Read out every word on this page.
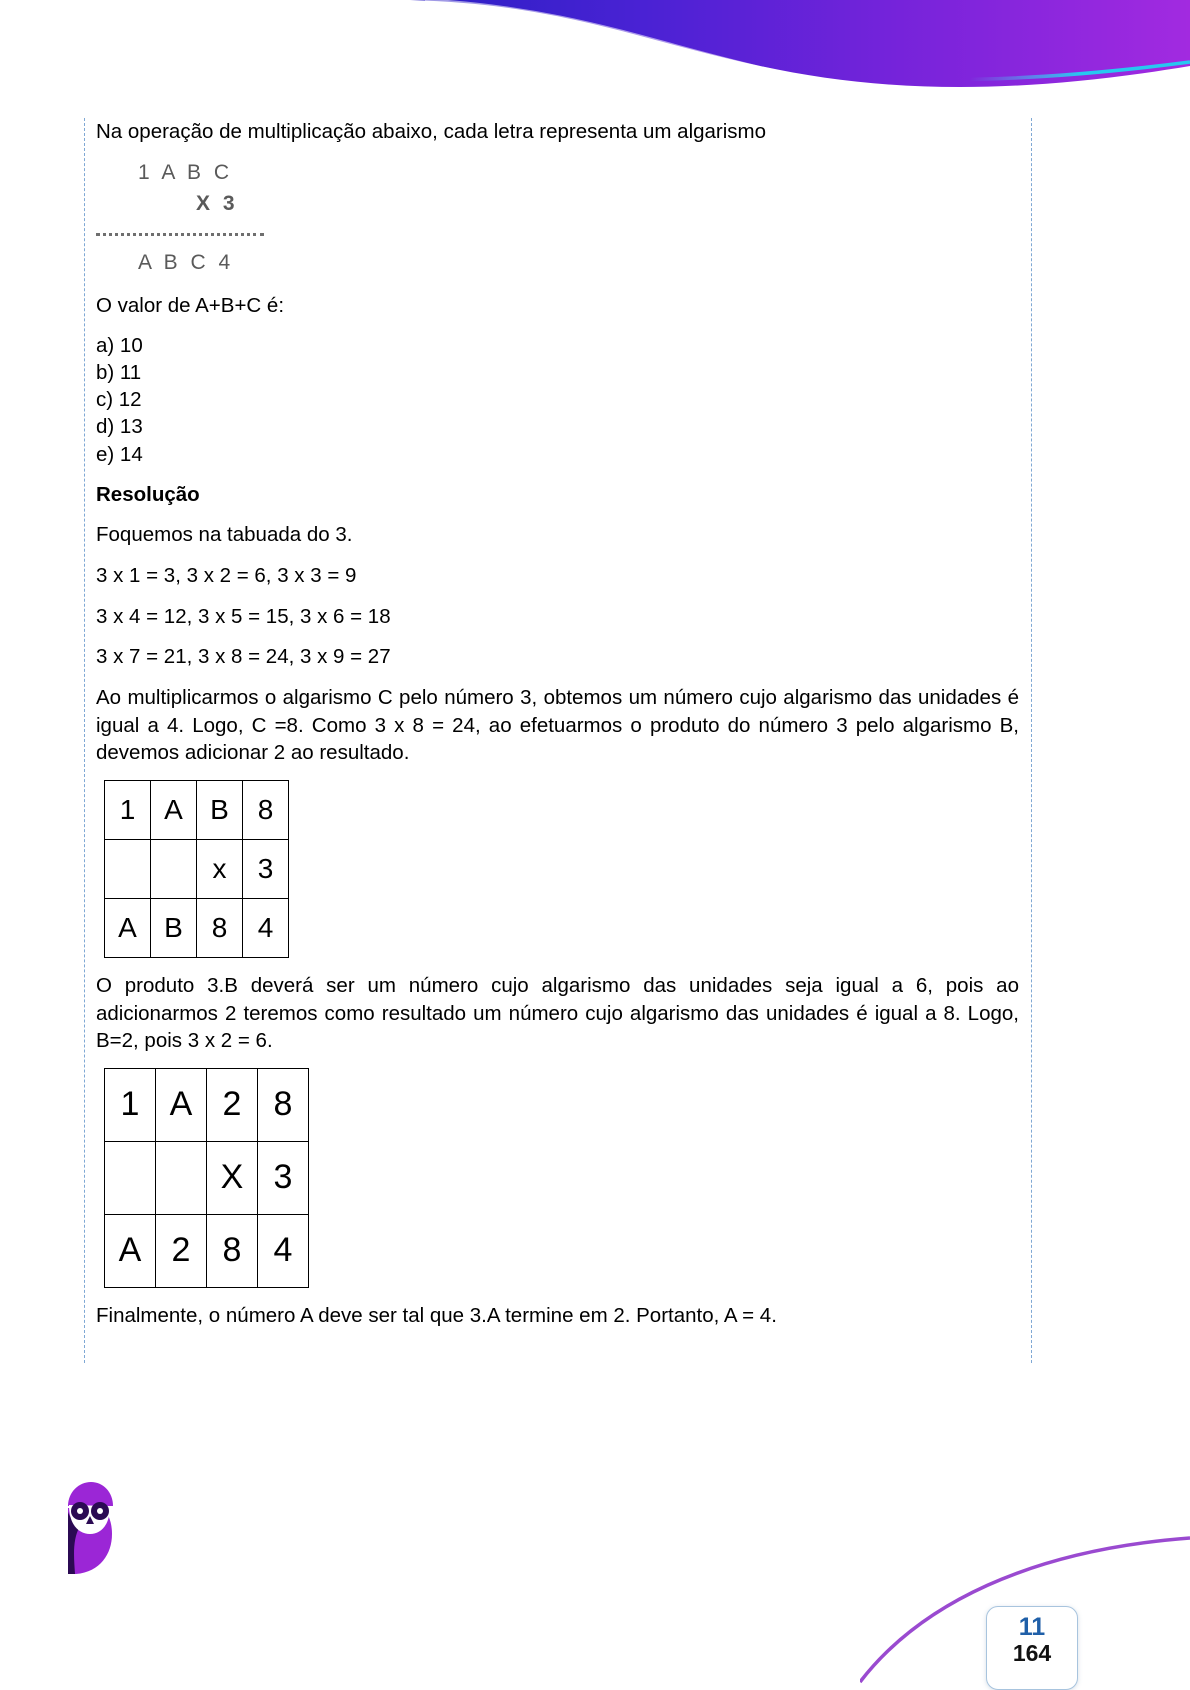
Na operação de multiplicação abaixo, cada letra representa um algarismo

1 A B C
X 3
A B C 4

O valor de A+B+C é:

a) 10
b) 11
c) 12
d) 13
e) 14

Resolução

Foquemos na tabuada do 3.

3 x 1 = 3, 3 x 2 = 6, 3 x 3 = 9

3 x 4 = 12, 3 x 5 = 15, 3 x 6 = 18

3 x 7 = 21, 3 x 8 = 24, 3 x 9 = 27

Ao multiplicarmos o algarismo C pelo número 3, obtemos um número cujo algarismo das unidades é igual a 4. Logo, C =8. Como 3 x 8 = 24, ao efetuarmos o produto do número 3 pelo algarismo B, devemos adicionar 2 ao resultado.

1	A	B	8
		x	3
A	B	8	4

O produto 3.B deverá ser um número cujo algarismo das unidades seja igual a 6, pois ao adicionarmos 2 teremos como resultado um número cujo algarismo das unidades é igual a 8. Logo, B=2, pois 3 x 2 = 6.

1	A	2	8
		X	3
A	2	8	4

Finalmente, o número A deve ser tal que 3.A termine em 2. Portanto, A = 4.

11
164
